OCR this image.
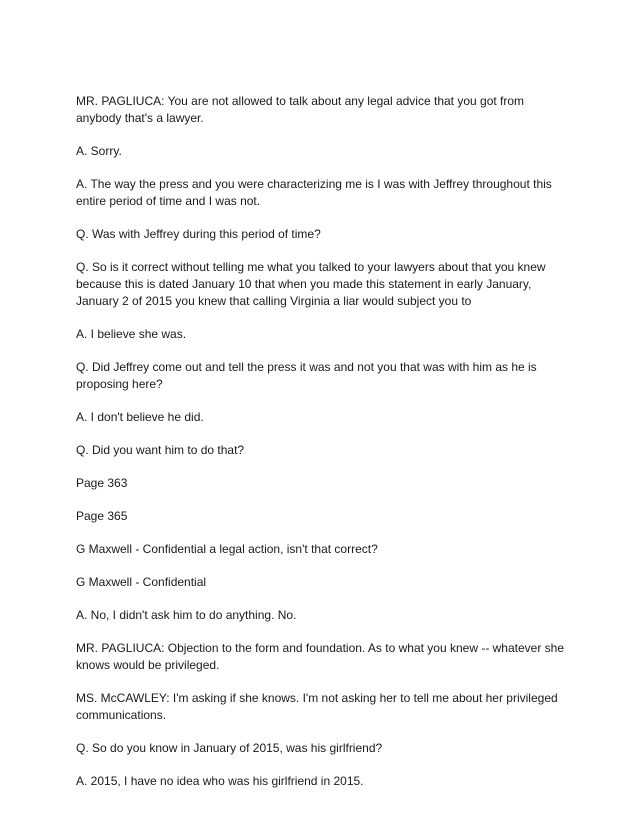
MR. PAGLIUCA: You are not allowed to talk about any legal advice that you got from anybody that's a lawyer.

A. Sorry.

A. The way the press and you were characterizing me is I was with Jeffrey throughout this entire period of time and I was not.

Q. Was with Jeffrey during this period of time?

Q. So is it correct without telling me what you talked to your lawyers about that you knew because this is dated January 10 that when you made this statement in early January, January 2 of 2015 you knew that calling Virginia a liar would subject you to

A. I believe she was.

Q. Did Jeffrey come out and tell the press it was and not you that was with him as he is proposing here?

A. I don't believe he did.

Q. Did you want him to do that?

Page 363

Page 365

G Maxwell - Confidential a legal action, isn't that correct?

G Maxwell - Confidential

A. No, I didn't ask him to do anything. No.

MR. PAGLIUCA: Objection to the form and foundation. As to what you knew -- whatever she knows would be privileged.

MS. McCAWLEY: I'm asking if she knows. I'm not asking her to tell me about her privileged communications.

Q. So do you know in January of 2015, was his girlfriend?

A. 2015, I have no idea who was his girlfriend in 2015.
